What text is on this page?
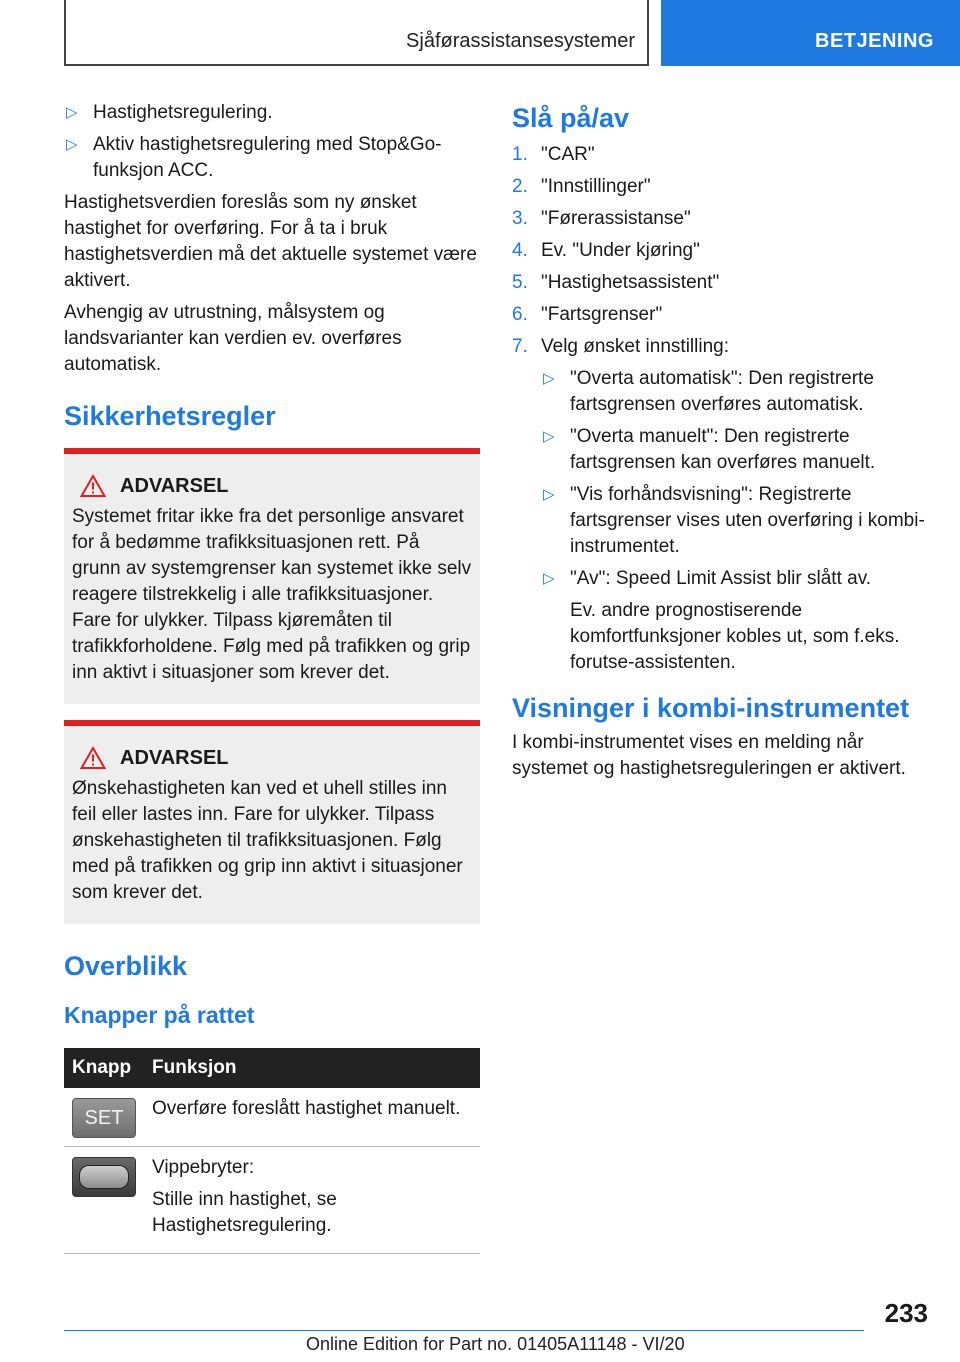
Sjåførassistansesystemer	BETJENING
▷ Hastighetsregulering.
▷ Aktiv hastighetsregulering med Stop&Go-funksjon ACC.

Hastighetsverdien foreslås som ny ønsket hastighet for overføring. For å ta i bruk hastighetsverdien må det aktuelle systemet være aktivert.

Avhengig av utrustning, målsystem og landsvarianter kan verdien ev. overføres automatisk.

Sikkerhetsregler
ADVARSEL

Systemet fritar ikke fra det personlige ansvaret for å bedømme trafikksituasjonen rett. På grunn av systemgrenser kan systemet ikke selv reagere tilstrekkelig i alle trafikksituasjoner. Fare for ulykker. Tilpass kjøremåten til trafikkforholdene. Følg med på trafikken og grip inn aktivt i situasjoner som krever det.

ADVARSEL

Ønskehastigheten kan ved et uhell stilles inn feil eller lastes inn. Fare for ulykker. Tilpass ønskehastigheten til trafikksituasjonen. Følg med på trafikken og grip inn aktivt i situasjoner som krever det.

Overblikk
Knapper på rattet
Knapp	Funksjon

SET	Overføre foreslått hastighet manuelt.

	Vippebryter:

Stille inn hastighet, se Hastighetsregulering.

Slå på/av
1. "CAR"
2. "Innstillinger"
3. "Førerassistanse"
4. Ev. "Under kjøring"
5. "Hastighetsassistent"
6. "Fartsgrenser"
7. Velg ønsket innstilling:
▷ "Overta automatisk": Den registrerte fartsgrensen overføres automatisk.
▷ "Overta manuelt": Den registrerte fartsgrensen kan overføres manuelt.
▷ "Vis forhåndsvisning": Registrerte fartsgrenser vises uten overføring i kombi-instrumentet.
▷ "Av": Speed Limit Assist blir slått av.

Ev. andre prognostiserende komfortfunksjoner kobles ut, som f.eks. forutse-assistenten.

Visninger i kombi-instrumentet

I kombi-instrumentet vises en melding når systemet og hastighetsreguleringen er aktivert.

233
Online Edition for Part no. 01405A11148 - VI/20
